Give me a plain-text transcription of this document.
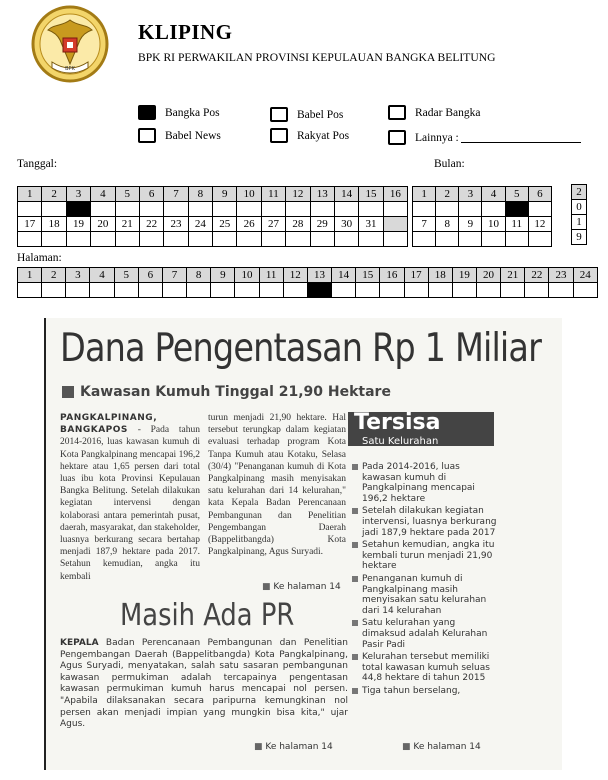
BPK
KLIPING
BPK RI PERWAKILAN PROVINSI KEPULAUAN BANGKA BELITUNG
Bangka Pos
Babel News
Babel Pos
Rakyat Pos
Radar Bangka
Lainnya :
Tanggal:	Bulan:
1	2	3	4	5	6	7	8	9	10	11	12	13	14	15	16

17	18	19	20	21	22	23	24	25	26	27	28	29	30	31	

1	2	3	4	5	6

7	8	9	10	11	12

2
0
1
9
Halaman:
1	2	3	4	5	6	7	8	9	10	11	12	13	14	15	16	17	18	19	20	21	22	23	24

Dana Pengentasan Rp 1 Miliar
Kawasan Kumuh Tinggal 21,90 Hektare
PANGKALPINANG, BANGKAPOS - Pada tahun 2014-2016, luas kawasan kumuh di Kota Pangkalpinang mencapai 196,2 hektare atau 1,65 persen dari total luas ibu kota Provinsi Kepulauan Bangka Belitung. Setelah dilakukan kegiatan intervensi dengan kolaborasi antara pemerintah pusat, daerah, masyarakat, dan stakeholder, luasnya berkurang secara bertahap menjadi 187,9 hektare pada 2017. Setahun kemudian, angka itu kembali
turun menjadi 21,90 hektare. Hal tersebut terungkap dalam kegiatan evaluasi terhadap program Kota Tanpa Kumuh atau Kotaku, Selasa (30/4) "Penanganan kumuh di Kota Pangkalpinang masih menyisakan satu kelurahan dari 14 kelurahan," kata Kepala Badan Perencanaan Pembangunan dan Penelitian Pengembangan Daerah (Bappelitbangda) Kota Pangkalpinang, Agus Suryadi.
■ Ke halaman 14
Masih Ada PR
KEPALA Badan Perencanaan Pembangunan dan Penelitian Pengembangan Daerah (Bappelitbangda) Kota Pangkalpinang, Agus Suryadi, menyatakan, salah satu sasaran pembangunan kawasan permukiman adalah tercapainya pengentasan kawasan permukiman kumuh harus mencapai nol persen. "Apabila dilaksanakan secara paripurna kemungkinan nol persen akan menjadi impian yang mungkin bisa kita," ujar Agus.
■ Ke halaman 14
Tersisa
Satu Kelurahan
Pada 2014-2016, luas kawasan kumuh di Pangkalpinang mencapai 196,2 hektare
Setelah dilakukan kegiatan intervensi, luasnya berkurang jadi 187,9 hektare pada 2017
Setahun kemudian, angka itu kembali turun menjadi 21,90 hektare
Penanganan kumuh di Pangkalpinang masih menyisakan satu kelurahan dari 14 kelurahan
Satu kelurahan yang dimaksud adalah Kelurahan Pasir Padi
Kelurahan tersebut memiliki total kawasan kumuh seluas 44,8 hektare di tahun 2015
Tiga tahun berselang,
■ Ke halaman 14
